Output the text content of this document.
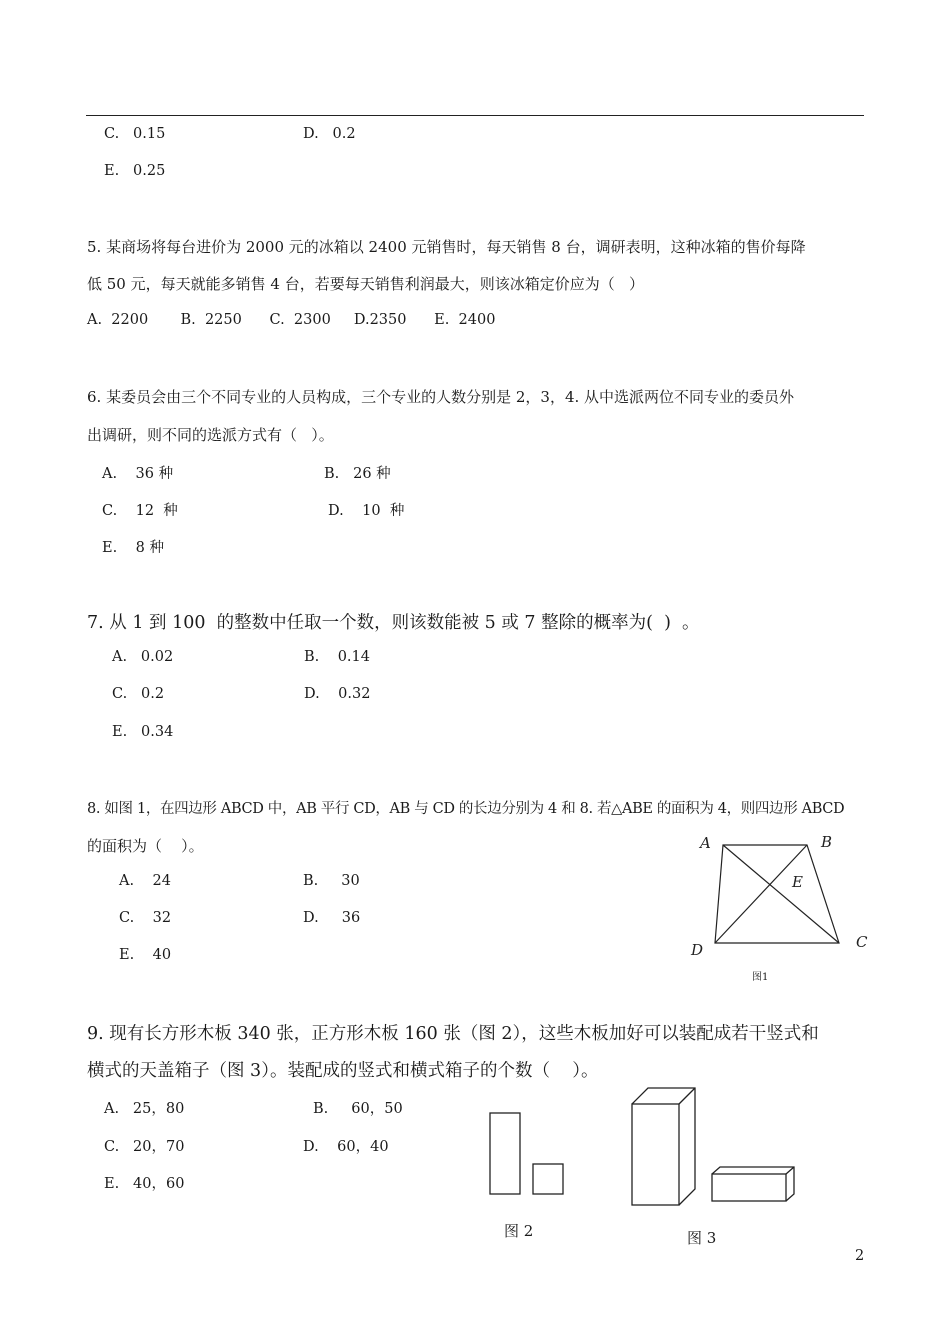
C.   0.15	D.   0.2
E.   0.25
5. 某商场将每台进价为 2000 元的冰箱以 2400 元销售时，每天销售 8 台，调研表明，这种冰箱的售价每降
低 50 元，每天就能多销售 4 台，若要每天销售利润最大，则该冰箱定价应为（   ）
A.  2200       B.  2250      C.  2300     D.2350      E.  2400
6. 某委员会由三个不同专业的人员构成，三个专业的人数分别是 2，3，4. 从中选派两位不同专业的委员外
出调研，则不同的选派方式有（   ）。
A.    36 种	B.   26 种
C.    12  种	D.    10  种
E.    8 种
7. 从 1 到 100  的整数中任取一个数，则该数能被 5 或 7 整除的概率为(  )  。
A.   0.02	B.    0.14
C.   0.2	D.    0.32
E.   0.34
8. 如图 1，在四边形 ABCD 中，AB 平行 CD，AB 与 CD 的长边分别为 4 和 8. 若△ABE 的面积为 4，则四边形 ABCD
的面积为（    ）。
A.    24	B.     30
C.    32	D.     36
E.    40
A	B
E
D	C
图1
9. 现有长方形木板 340 张，正方形木板 160 张（图 2），这些木板加好可以装配成若干竖式和
横式的天盖箱子（图 3）。装配成的竖式和横式箱子的个数（    ）。
A.   25，80	B.     60，50
C.   20，70	D.    60，40
E.   40，60
图 2	图 3
2
